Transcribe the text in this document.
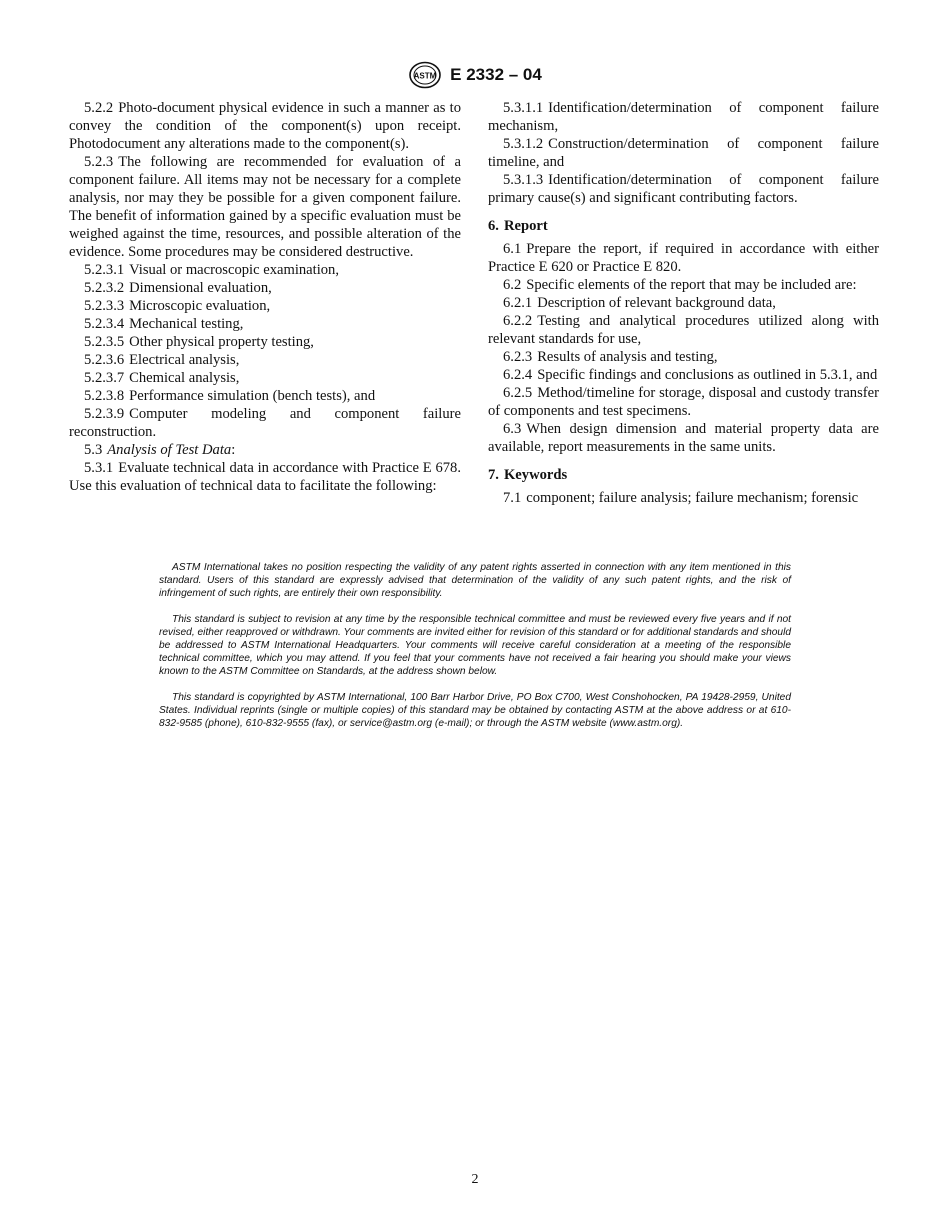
ASTM E 2332 – 04

5.2.2 Photo-document physical evidence in such a manner as to convey the condition of the component(s) upon receipt. Photodocument any alterations made to the component(s).

5.2.3 The following are recommended for evaluation of a component failure. All items may not be necessary for a complete analysis, nor may they be possible for a given component failure. The benefit of information gained by a specific evaluation must be weighed against the time, resources, and possible alteration of the evidence. Some procedures may be considered destructive.

5.2.3.1 Visual or macroscopic examination,

5.2.3.2 Dimensional evaluation,

5.2.3.3 Microscopic evaluation,

5.2.3.4 Mechanical testing,

5.2.3.5 Other physical property testing,

5.2.3.6 Electrical analysis,

5.2.3.7 Chemical analysis,

5.2.3.8 Performance simulation (bench tests), and

5.2.3.9 Computer modeling and component failure reconstruction.

5.3 Analysis of Test Data:

5.3.1 Evaluate technical data in accordance with Practice E 678. Use this evaluation of technical data to facilitate the following:

5.3.1.1 Identification/determination of component failure mechanism,

5.3.1.2 Construction/determination of component failure timeline, and

5.3.1.3 Identification/determination of component failure primary cause(s) and significant contributing factors.

6. Report

6.1 Prepare the report, if required in accordance with either Practice E 620 or Practice E 820.

6.2 Specific elements of the report that may be included are:

6.2.1 Description of relevant background data,

6.2.2 Testing and analytical procedures utilized along with relevant standards for use,

6.2.3 Results of analysis and testing,

6.2.4 Specific findings and conclusions as outlined in 5.3.1, and

6.2.5 Method/timeline for storage, disposal and custody transfer of components and test specimens.

6.3 When design dimension and material property data are available, report measurements in the same units.

7. Keywords

7.1 component; failure analysis; failure mechanism; forensic

ASTM International takes no position respecting the validity of any patent rights asserted in connection with any item mentioned in this standard. Users of this standard are expressly advised that determination of the validity of any such patent rights, and the risk of infringement of such rights, are entirely their own responsibility.

This standard is subject to revision at any time by the responsible technical committee and must be reviewed every five years and if not revised, either reapproved or withdrawn. Your comments are invited either for revision of this standard or for additional standards and should be addressed to ASTM International Headquarters. Your comments will receive careful consideration at a meeting of the responsible technical committee, which you may attend. If you feel that your comments have not received a fair hearing you should make your views known to the ASTM Committee on Standards, at the address shown below.

This standard is copyrighted by ASTM International, 100 Barr Harbor Drive, PO Box C700, West Conshohocken, PA 19428-2959, United States. Individual reprints (single or multiple copies) of this standard may be obtained by contacting ASTM at the above address or at 610-832-9585 (phone), 610-832-9555 (fax), or service@astm.org (e-mail); or through the ASTM website (www.astm.org).

2
